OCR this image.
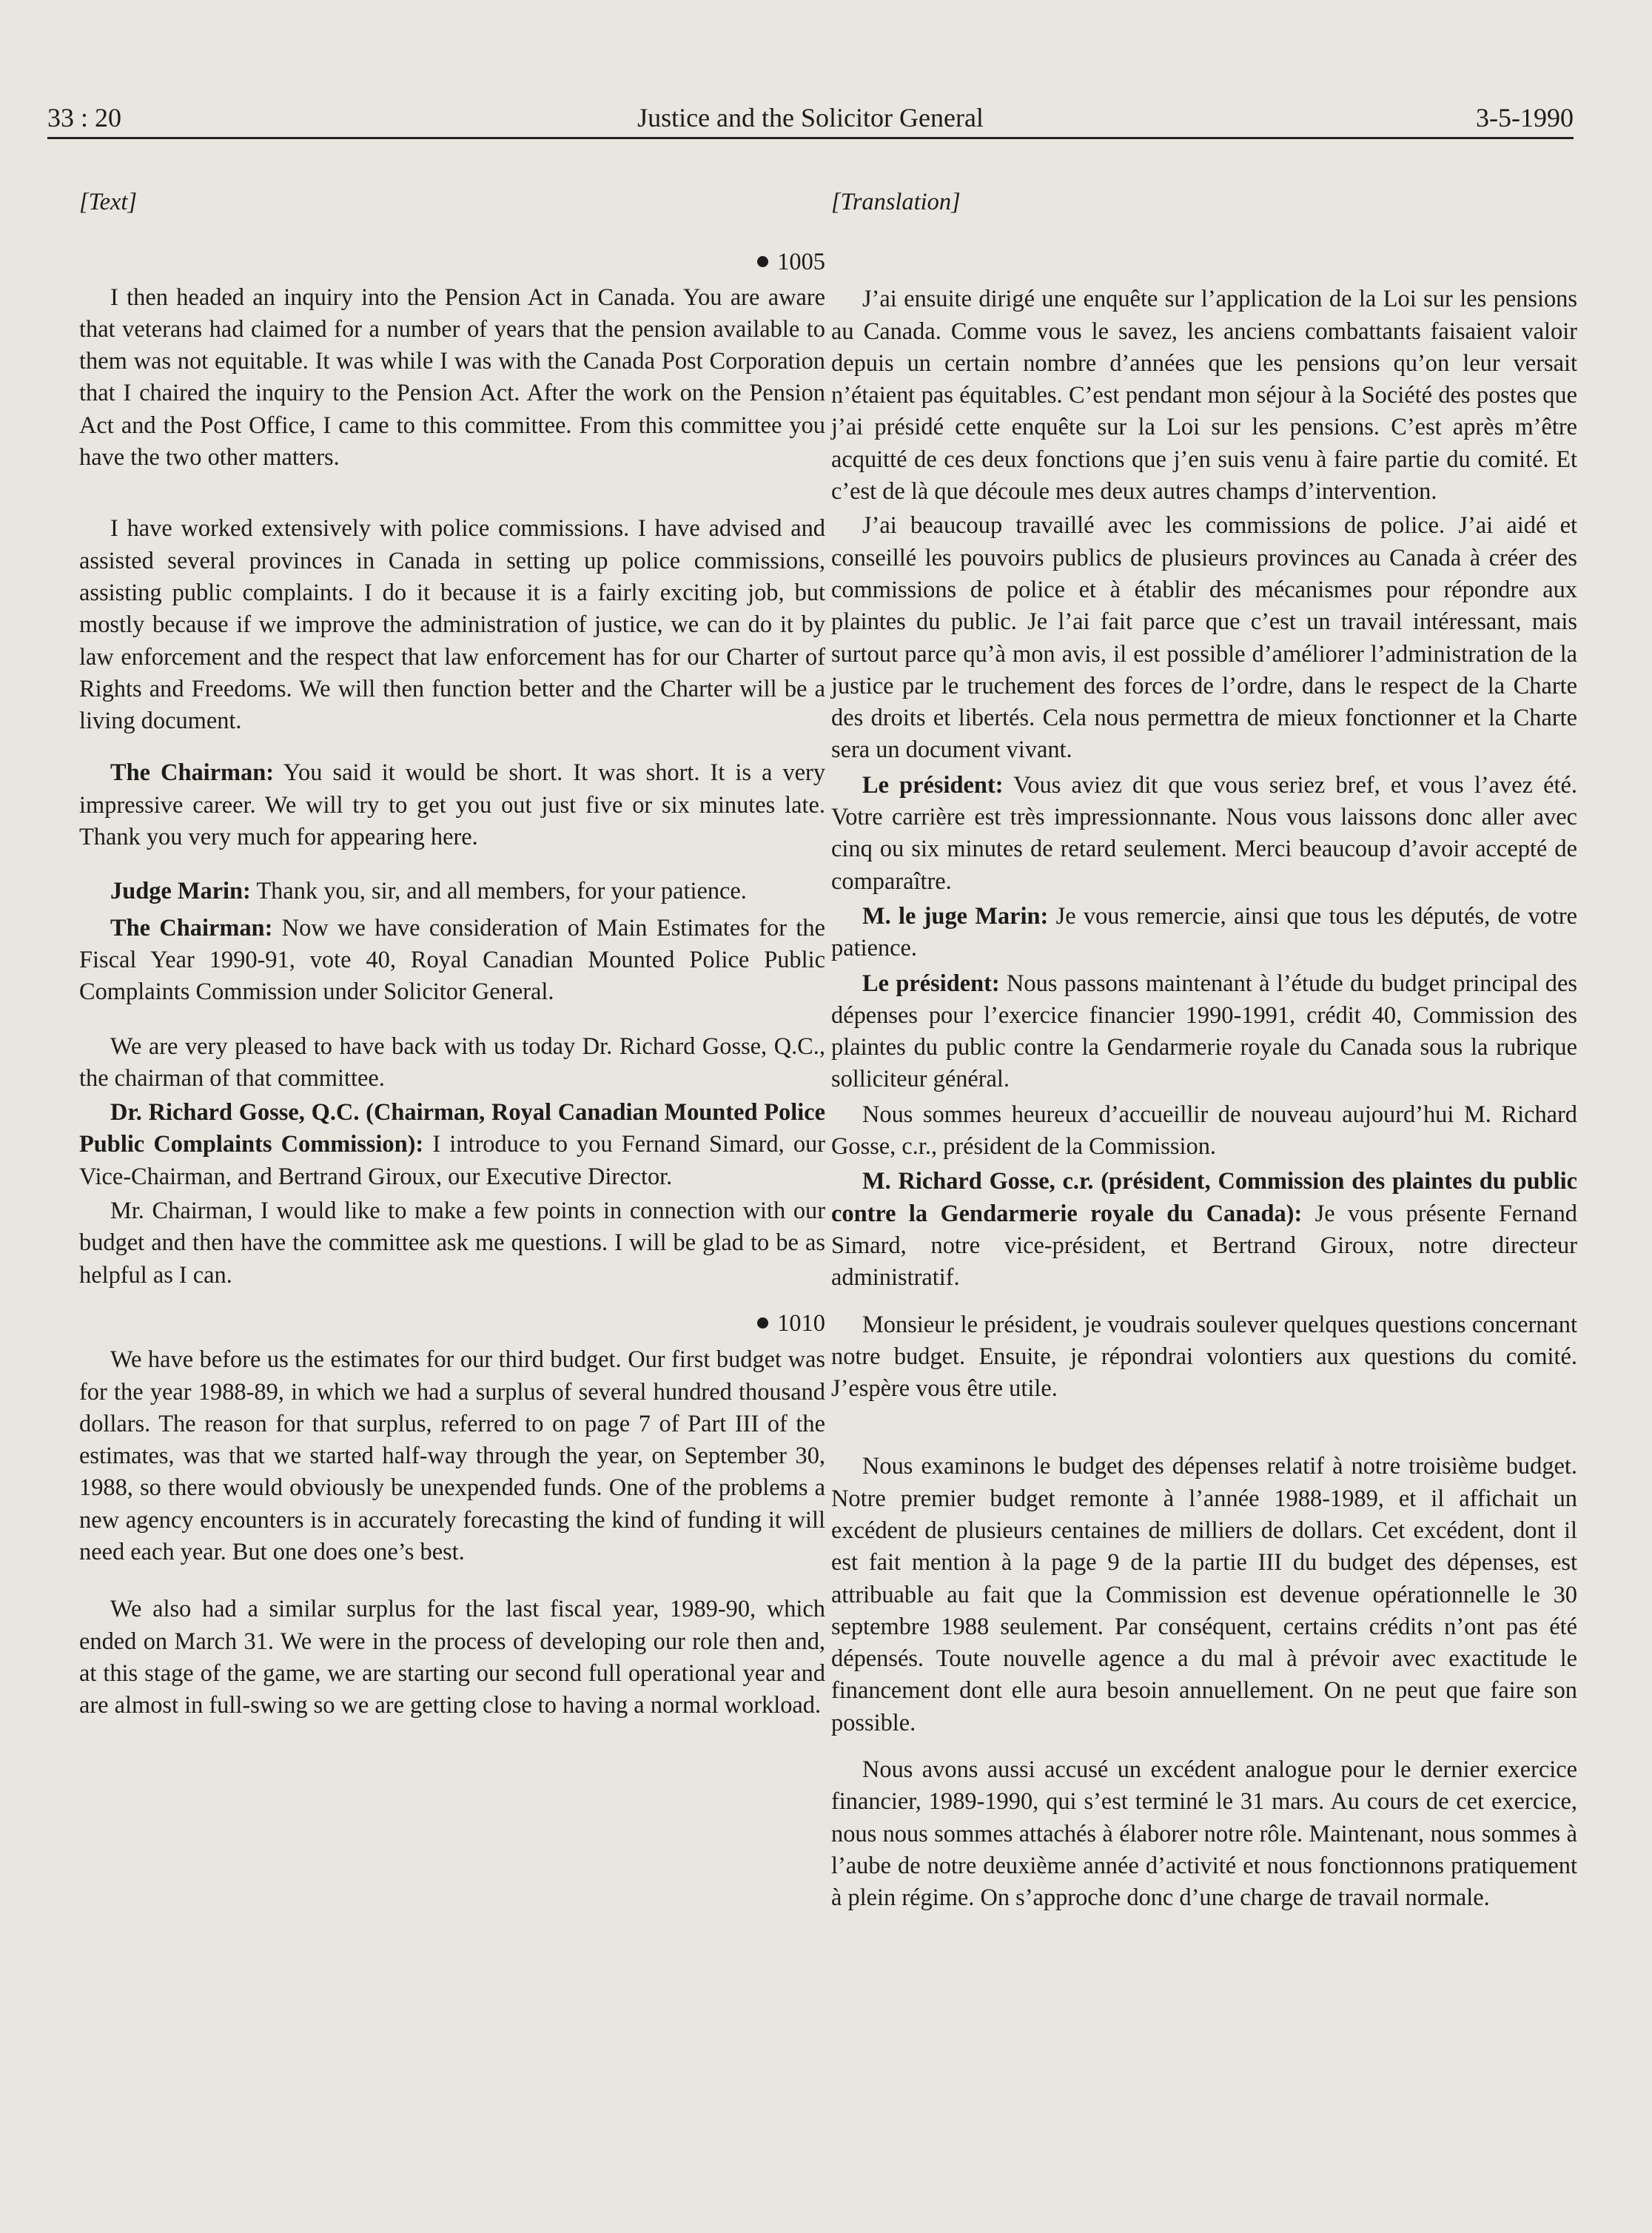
33 : 20	Justice and the Solicitor General	3-5-1990

[Text]

1005

I then headed an inquiry into the Pension Act in Canada. You are aware that veterans had claimed for a number of years that the pension available to them was not equitable. It was while I was with the Canada Post Corporation that I chaired the inquiry to the Pension Act. After the work on the Pension Act and the Post Office, I came to this committee. From this committee you have the two other matters.

I have worked extensively with police commissions. I have advised and assisted several provinces in Canada in setting up police commissions, assisting public complaints. I do it because it is a fairly exciting job, but mostly because if we improve the administration of justice, we can do it by law enforcement and the respect that law enforcement has for our Charter of Rights and Freedoms. We will then function better and the Charter will be a living document.

The Chairman: You said it would be short. It was short. It is a very impressive career. We will try to get you out just five or six minutes late. Thank you very much for appearing here.

Judge Marin: Thank you, sir, and all members, for your patience.

The Chairman: Now we have consideration of Main Estimates for the Fiscal Year 1990-91, vote 40, Royal Canadian Mounted Police Public Complaints Commission under Solicitor General.

We are very pleased to have back with us today Dr. Richard Gosse, Q.C., the chairman of that committee.

Dr. Richard Gosse, Q.C. (Chairman, Royal Canadian Mounted Police Public Complaints Commission): I introduce to you Fernand Simard, our Vice-Chairman, and Bertrand Giroux, our Executive Director.

Mr. Chairman, I would like to make a few points in connection with our budget and then have the committee ask me questions. I will be glad to be as helpful as I can.

1010

We have before us the estimates for our third budget. Our first budget was for the year 1988-89, in which we had a surplus of several hundred thousand dollars. The reason for that surplus, referred to on page 7 of Part III of the estimates, was that we started half-way through the year, on September 30, 1988, so there would obviously be unexpended funds. One of the problems a new agency encounters is in accurately forecasting the kind of funding it will need each year. But one does one’s best.

We also had a similar surplus for the last fiscal year, 1989-90, which ended on March 31. We were in the process of developing our role then and, at this stage of the game, we are starting our second full operational year and are almost in full-swing so we are getting close to having a normal workload.

[Translation]

J’ai ensuite dirigé une enquête sur l’application de la Loi sur les pensions au Canada. Comme vous le savez, les anciens combattants faisaient valoir depuis un certain nombre d’années que les pensions qu’on leur versait n’étaient pas équitables. C’est pendant mon séjour à la Société des postes que j’ai présidé cette enquête sur la Loi sur les pensions. C’est après m’être acquitté de ces deux fonctions que j’en suis venu à faire partie du comité. Et c’est de là que découle mes deux autres champs d’intervention.

J’ai beaucoup travaillé avec les commissions de police. J’ai aidé et conseillé les pouvoirs publics de plusieurs provinces au Canada à créer des commissions de police et à établir des mécanismes pour répondre aux plaintes du public. Je l’ai fait parce que c’est un travail intéressant, mais surtout parce qu’à mon avis, il est possible d’améliorer l’administration de la justice par le truchement des forces de l’ordre, dans le respect de la Charte des droits et libertés. Cela nous permettra de mieux fonctionner et la Charte sera un document vivant.

Le président: Vous aviez dit que vous seriez bref, et vous l’avez été. Votre carrière est très impressionnante. Nous vous laissons donc aller avec cinq ou six minutes de retard seulement. Merci beaucoup d’avoir accepté de comparaître.

M. le juge Marin: Je vous remercie, ainsi que tous les députés, de votre patience.

Le président: Nous passons maintenant à l’étude du budget principal des dépenses pour l’exercice financier 1990-1991, crédit 40, Commission des plaintes du public contre la Gendarmerie royale du Canada sous la rubrique solliciteur général.

Nous sommes heureux d’accueillir de nouveau aujourd’hui M. Richard Gosse, c.r., président de la Commission.

M. Richard Gosse, c.r. (président, Commission des plaintes du public contre la Gendarmerie royale du Canada): Je vous présente Fernand Simard, notre vice-président, et Bertrand Giroux, notre directeur administratif.

Monsieur le président, je voudrais soulever quelques questions concernant notre budget. Ensuite, je répondrai volontiers aux questions du comité. J’espère vous être utile.

Nous examinons le budget des dépenses relatif à notre troisième budget. Notre premier budget remonte à l’année 1988-1989, et il affichait un excédent de plusieurs centaines de milliers de dollars. Cet excédent, dont il est fait mention à la page 9 de la partie III du budget des dépenses, est attribuable au fait que la Commission est devenue opérationnelle le 30 septembre 1988 seulement. Par conséquent, certains crédits n’ont pas été dépensés. Toute nouvelle agence a du mal à prévoir avec exactitude le financement dont elle aura besoin annuellement. On ne peut que faire son possible.

Nous avons aussi accusé un excédent analogue pour le dernier exercice financier, 1989-1990, qui s’est terminé le 31 mars. Au cours de cet exercice, nous nous sommes attachés à élaborer notre rôle. Maintenant, nous sommes à l’aube de notre deuxième année d’activité et nous fonctionnons pratiquement à plein régime. On s’approche donc d’une charge de travail normale.
